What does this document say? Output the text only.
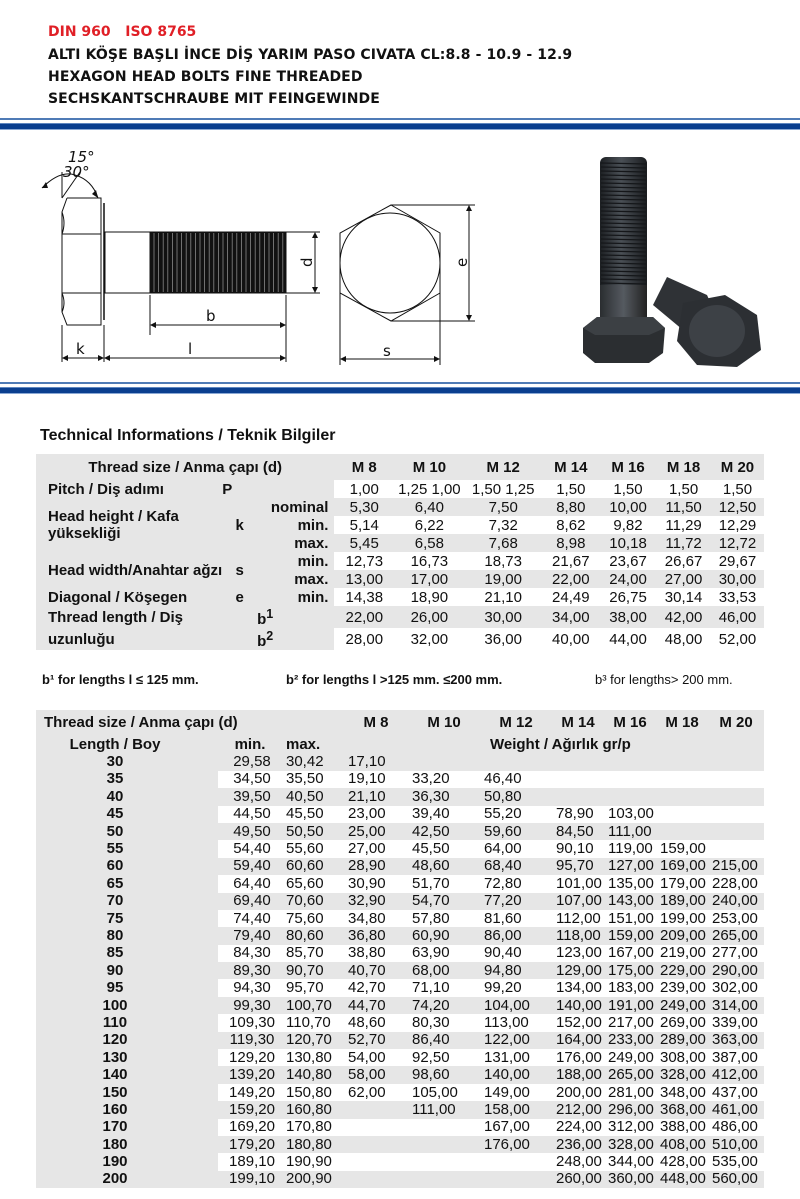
DIN 960   ISO 8765
ALTI KÖŞE BAŞLI İNCE DİŞ YARIM PASO CIVATA CL:8.8 - 10.9 - 12.9
HEXAGON HEAD BOLTS FINE THREADED
SECHSKANTSCHRAUBE MIT FEINGEWINDE
15°
30°
k	l
b
d
s
e
Technical Informations / Teknik Bilgiler
Thread size / Anma çapı (d)			M 8	M 10	M 12	M 14	M 16	M 18	M 20
Pitch / Diş adımı	P		1,00	1,25 1,00	1,50 1,25	1,50	1,50	1,50	1,50
Head height / Kafa
yüksekliği	k	nominal	5,30	6,40	7,50	8,80	10,00	11,50	12,50
		min.	5,14	6,22	7,32	8,62	9,82	11,29	12,29
		max.	5,45	6,58	7,68	8,98	10,18	11,72	12,72
Head width/Anahtar ağzı	s	min.	12,73	16,73	18,73	21,67	23,67	26,67	29,67
		max.	13,00	17,00	19,00	22,00	24,00	27,00	30,00
Diagonal / Köşegen	e	min.	14,38	18,90	21,10	24,49	26,75	30,14	33,53
Thread length / Diş		$b^1$	22,00	26,00	30,00	34,00	38,00	42,00	46,00
uzunluğu		$b^2$	28,00	32,00	36,00	40,00	44,00	48,00	52,00
b¹ for lengths l ≤ 125 mm.	b² for lengths l >125 mm. ≤200 mm.	b³ for lengths> 200 mm.
Thread size / Anma çapı (d)				M 8	M 10	M 12	M 14	M 16	M 18	M 20
Length / Boy		min.	max.			Weight / Ağırlık gr/p				
30		29,58	30,42	17,10						
35		34,50	35,50	19,10	33,20	46,40				
40		39,50	40,50	21,10	36,30	50,80				
45		44,50	45,50	23,00	39,40	55,20	78,90	103,00		
50		49,50	50,50	25,00	42,50	59,60	84,50	111,00		
55		54,40	55,60	27,00	45,50	64,00	90,10	119,00	159,00	
60		59,40	60,60	28,90	48,60	68,40	95,70	127,00	169,00	215,00
65		64,40	65,60	30,90	51,70	72,80	101,00	135,00	179,00	228,00
70		69,40	70,60	32,90	54,70	77,20	107,00	143,00	189,00	240,00
75		74,40	75,60	34,80	57,80	81,60	112,00	151,00	199,00	253,00
80		79,40	80,60	36,80	60,90	86,00	118,00	159,00	209,00	265,00
85		84,30	85,70	38,80	63,90	90,40	123,00	167,00	219,00	277,00
90		89,30	90,70	40,70	68,00	94,80	129,00	175,00	229,00	290,00
95		94,30	95,70	42,70	71,10	99,20	134,00	183,00	239,00	302,00
100		99,30	100,70	44,70	74,20	104,00	140,00	191,00	249,00	314,00
110		109,30	110,70	48,60	80,30	113,00	152,00	217,00	269,00	339,00
120		119,30	120,70	52,70	86,40	122,00	164,00	233,00	289,00	363,00
130		129,20	130,80	54,00	92,50	131,00	176,00	249,00	308,00	387,00
140		139,20	140,80	58,00	98,60	140,00	188,00	265,00	328,00	412,00
150		149,20	150,80	62,00	105,00	149,00	200,00	281,00	348,00	437,00
160		159,20	160,80		111,00	158,00	212,00	296,00	368,00	461,00
170		169,20	170,80			167,00	224,00	312,00	388,00	486,00
180		179,20	180,80			176,00	236,00	328,00	408,00	510,00
190		189,10	190,90				248,00	344,00	428,00	535,00
200		199,10	200,90				260,00	360,00	448,00	560,00
